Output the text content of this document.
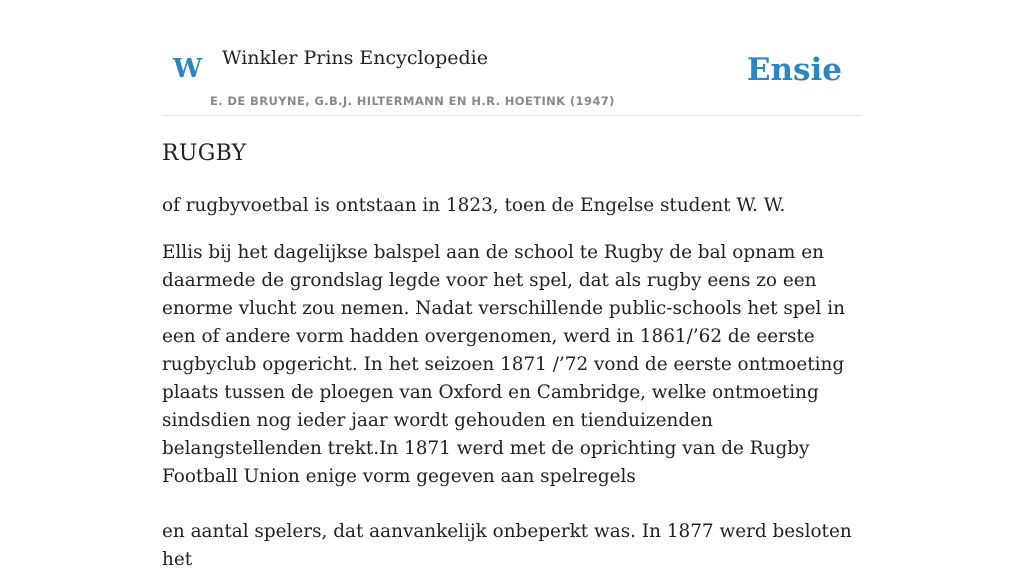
W Winkler Prins Encyclopedie
E. DE BRUYNE, G.B.J. HILTERMANN EN H.R. HOETINK (1947)
Ensie
RUGBY

of rugbyvoetbal is ontstaan in 1823, toen de Engelse student W. W.

Ellis bij het dagelijkse balspel aan de school te Rugby de bal opnam en daarmede de grondslag legde voor het spel, dat als rugby eens zo een enorme vlucht zou nemen. Nadat verschillende public-schools het spel in een of andere vorm hadden overgenomen, werd in 1861/’62 de eerste rugbyclub opgericht. In het seizoen 1871 /’72 vond de eerste ontmoeting plaats tussen de ploegen van Oxford en Cambridge, welke ontmoeting sindsdien nog ieder jaar wordt gehouden en tienduizenden belangstellenden trekt.In 1871 werd met de oprichting van de Rugby Football Union enige vorm gegeven aan spelregels

en aantal spelers, dat aanvankelijk onbeperkt was. In 1877 werd besloten het
